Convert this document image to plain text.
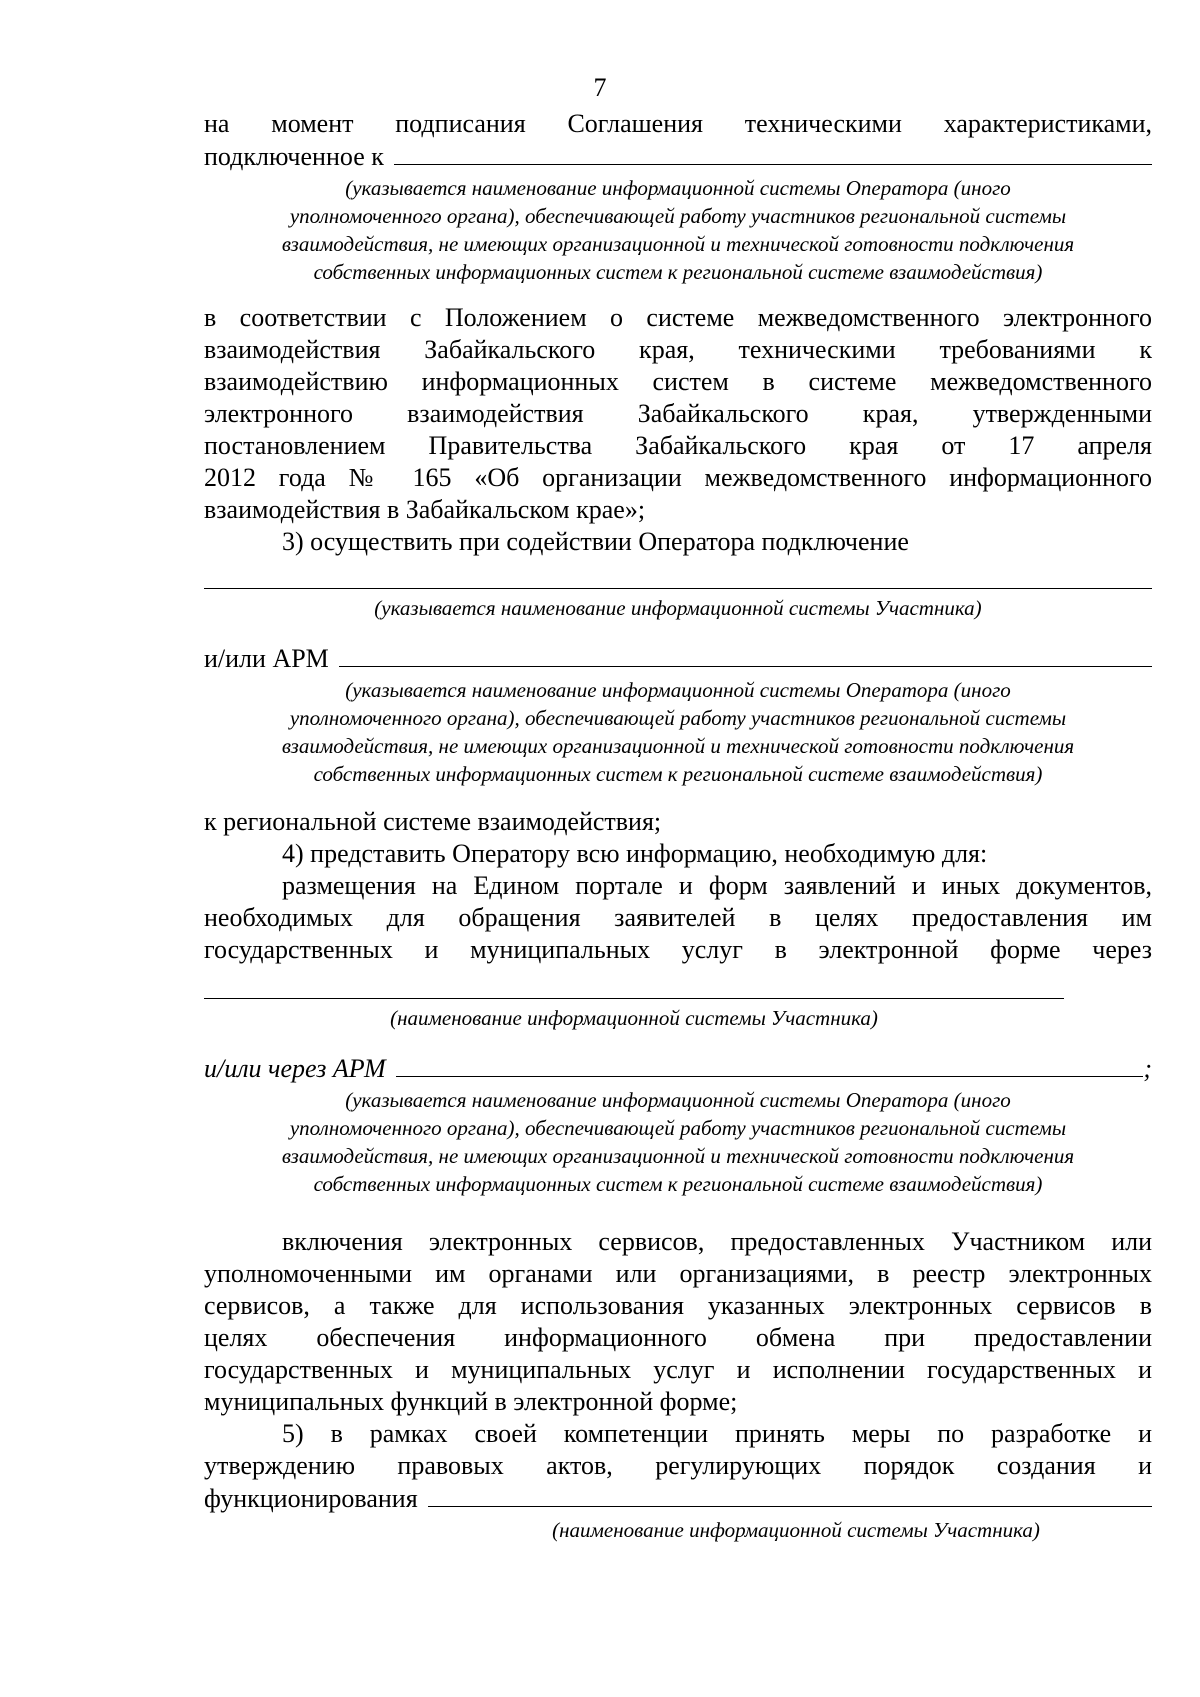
7
на момент подписания Соглашения техническими характеристиками,
подключенное к
(указывается наименование информационной системы Оператора (иного
уполномоченного органа), обеспечивающей работу участников региональной системы
взаимодействия, не имеющих организационной и технической готовности подключения
собственных информационных систем к региональной системе взаимодействия)
в соответствии с Положением о системе межведомственного электронного
взаимодействия Забайкальского края, техническими требованиями к
взаимодействию информационных систем в системе межведомственного
электронного взаимодействия Забайкальского края, утвержденными
постановлением Правительства Забайкальского края от 17 апреля
2012 года № 165 «Об организации межведомственного информационного
взаимодействия в Забайкальском крае»;
3) осуществить при содействии Оператора подключение
(указывается наименование информационной системы Участника)
и/или АРМ
(указывается наименование информационной системы Оператора (иного
уполномоченного органа), обеспечивающей работу участников региональной системы
взаимодействия, не имеющих организационной и технической готовности подключения
собственных информационных систем к региональной системе взаимодействия)
к региональной системе взаимодействия;
4) представить Оператору всю информацию, необходимую для:
размещения на Едином портале и форм заявлений и иных документов,
необходимых для обращения заявителей в целях предоставления им
государственных и муниципальных услуг в электронной форме через
(наименование информационной системы Участника)
и/или через АРМ	;
(указывается наименование информационной системы Оператора (иного
уполномоченного органа), обеспечивающей работу участников региональной системы
взаимодействия, не имеющих организационной и технической готовности подключения
собственных информационных систем к региональной системе взаимодействия)
включения электронных сервисов, предоставленных Участником или
уполномоченными им органами или организациями, в реестр электронных
сервисов, а также для использования указанных электронных сервисов в
целях обеспечения информационного обмена при предоставлении
государственных и муниципальных услуг и исполнении государственных и
муниципальных функций в электронной форме;
5) в рамках своей компетенции принять меры по разработке и
утверждению правовых актов, регулирующих порядок создания и
функционирования
(наименование информационной системы Участника)
